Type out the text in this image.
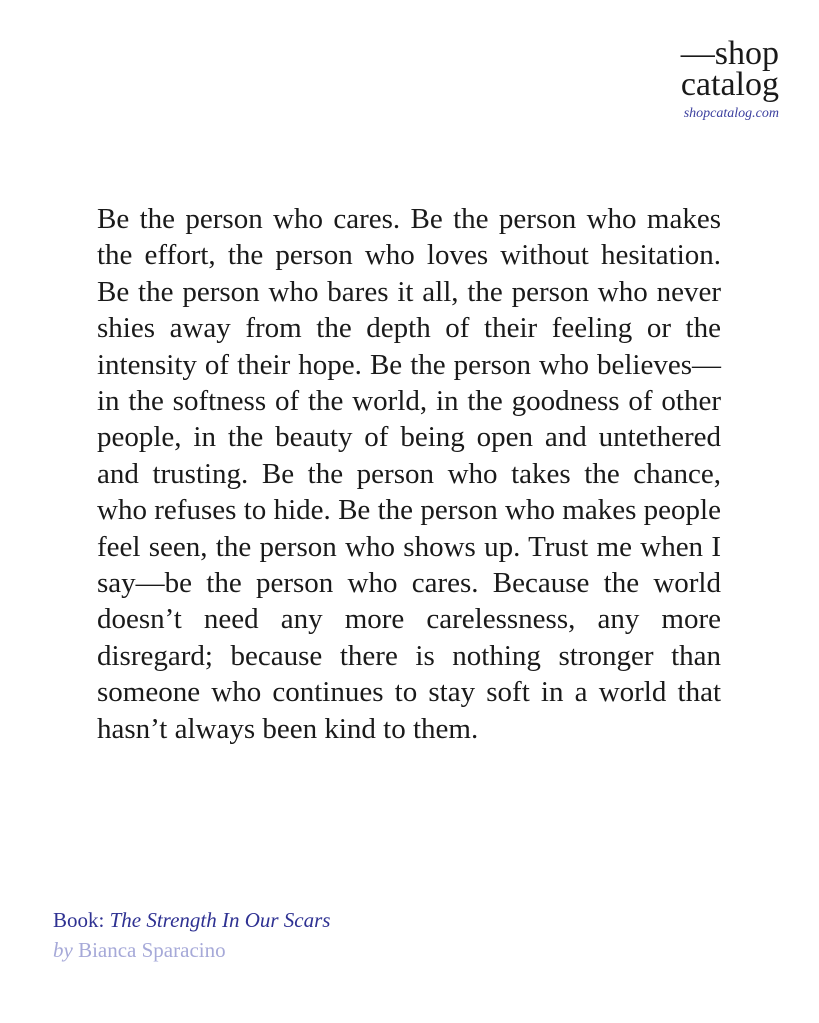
—shop
catalog
shopcatalog.com

Be the person who cares. Be the person who makes the effort, the person who loves without hesitation. Be the person who bares it all, the person who never shies away from the depth of their feeling or the intensity of their hope. Be the person who believes—in the softness of the world, in the goodness of other people, in the beauty of being open and untethered and trusting. Be the person who takes the chance, who refuses to hide. Be the person who makes people feel seen, the person who shows up. Trust me when I say—be the person who cares. Because the world doesn’t need any more carelessness, any more disregard; because there is nothing stronger than someone who continues to stay soft in a world that hasn’t always been kind to them.

Book: The Strength In Our Scars
by Bianca Sparacino
